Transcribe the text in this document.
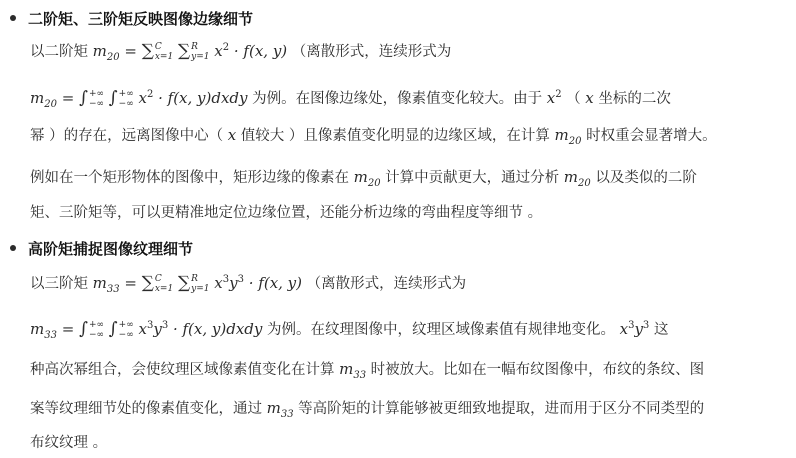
二阶矩、三阶矩反映图像边缘细节
以二阶矩 $m_{20}$ = ∑ C
x=1 ∑ R
y=1 $x^2 \cdot f(x$, y) （离散形式，连续形式为
$m_{20}$ = ∫ +∞
−∞ ∫ +∞
−∞ $x^2 \cdot f(x$, y)dxdy 为例。在图像边缘处，像素值变化较大。由于 $x^2$ （ x 坐标的二次
幂 ）的存在，远离图像中心（ x 值较大 ）且像素值变化明显的边缘区域，在计算 $m_{20}$ 时权重会显著增大。
例如在一个矩形物体的图像中，矩形边缘的像素在 $m_{20}$ 计算中贡献更大，通过分析 $m_{20}$ 以及类似的二阶
矩、三阶矩等，可以更精准地定位边缘位置，还能分析边缘的弯曲程度等细节 。
高阶矩捕捉图像纹理细节
以三阶矩 $m_{33}$ = ∑ C
x=1 ∑ R
y=1 $x^3y^3 \cdot f(x$, y) （离散形式，连续形式为
$m_{33}$ = ∫ +∞
−∞ ∫ +∞
−∞ $x^3y^3 \cdot f(x$, y)dxdy 为例。在纹理图像中，纹理区域像素值有规律地变化。 $x^3y^3$ 这
种高次幂组合，会使纹理区域像素值变化在计算 $m_{33}$ 时被放大。比如在一幅布纹图像中，布纹的条纹、图
案等纹理细节处的像素值变化，通过 $m_{33}$ 等高阶矩的计算能够被更细致地提取，进而用于区分不同类型的
布纹纹理 。
